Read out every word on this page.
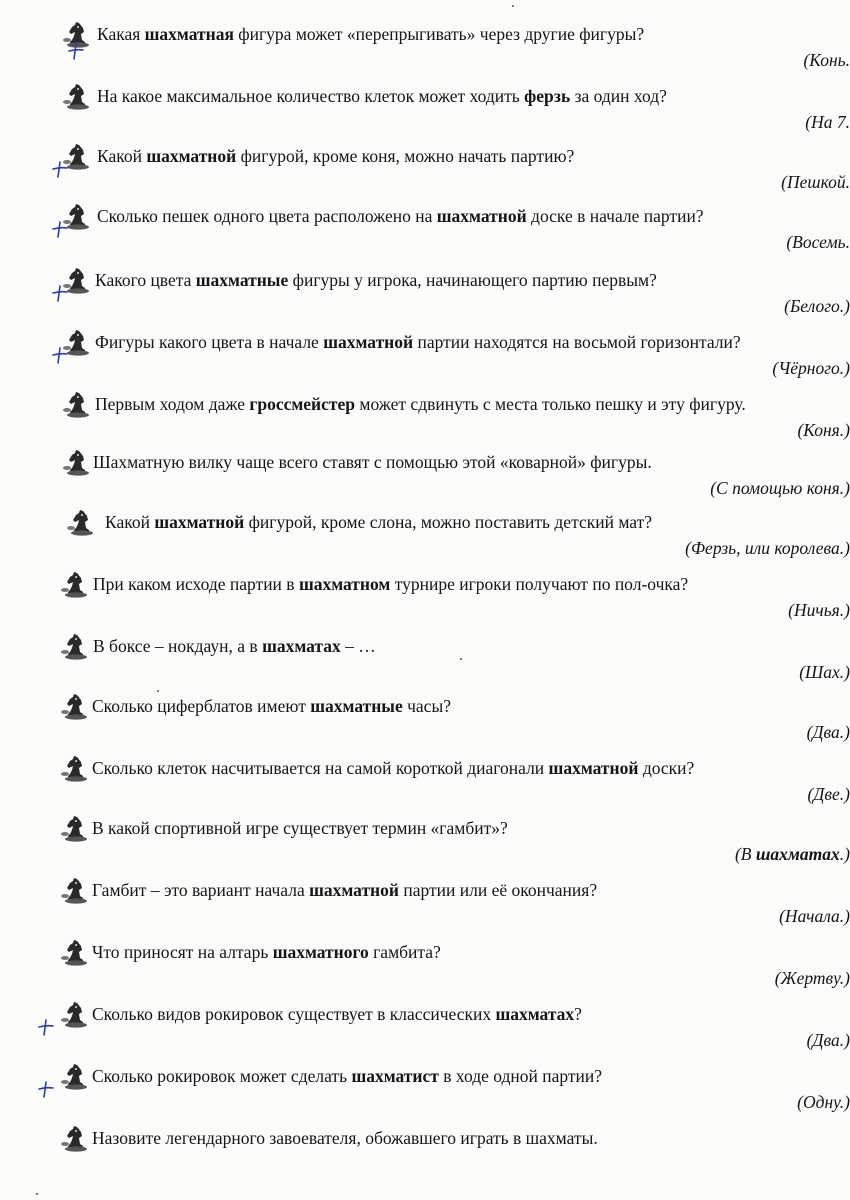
Какая шахматная фигура может «перепрыгивать» через другие фигуры?
(Конь.
На какое максимальное количество клеток может ходить ферзь за один ход?
(На 7.
Какой шахматной фигурой, кроме коня, можно начать партию?
(Пешкой.
Сколько пешек одного цвета расположено на шахматной доске в начале партии?
(Восемь.
Какого цвета шахматные фигуры у игрока, начинающего партию первым?
(Белого.)
Фигуры какого цвета в начале шахматной партии находятся на восьмой горизонтали?
(Чёрного.)
Первым ходом даже гроссмейстер может сдвинуть с места только пешку и эту фигуру.
(Коня.)
Шахматную вилку чаще всего ставят с помощью этой «коварной» фигуры.
(С помощью коня.)
Какой шахматной фигурой, кроме слона, можно поставить детский мат?
(Ферзь, или королева.)
При каком исходе партии в шахматном турнире игроки получают по пол-очка?
(Ничья.)
В боксе – нокдаун, а в шахматах – …
(Шах.)
Сколько циферблатов имеют шахматные часы?
(Два.)
Сколько клеток насчитывается на самой короткой диагонали шахматной доски?
(Две.)
В какой спортивной игре существует термин «гамбит»?
(В шахматах.)
Гамбит – это вариант начала шахматной партии или её окончания?
(Начала.)
Что приносят на алтарь шахматного гамбита?
(Жертву.)
Сколько видов рокировок существует в классических шахматах?
(Два.)
Сколько рокировок может сделать шахматист в ходе одной партии?
(Одну.)
Назовите легендарного завоевателя, обожавшего играть в шахматы.
